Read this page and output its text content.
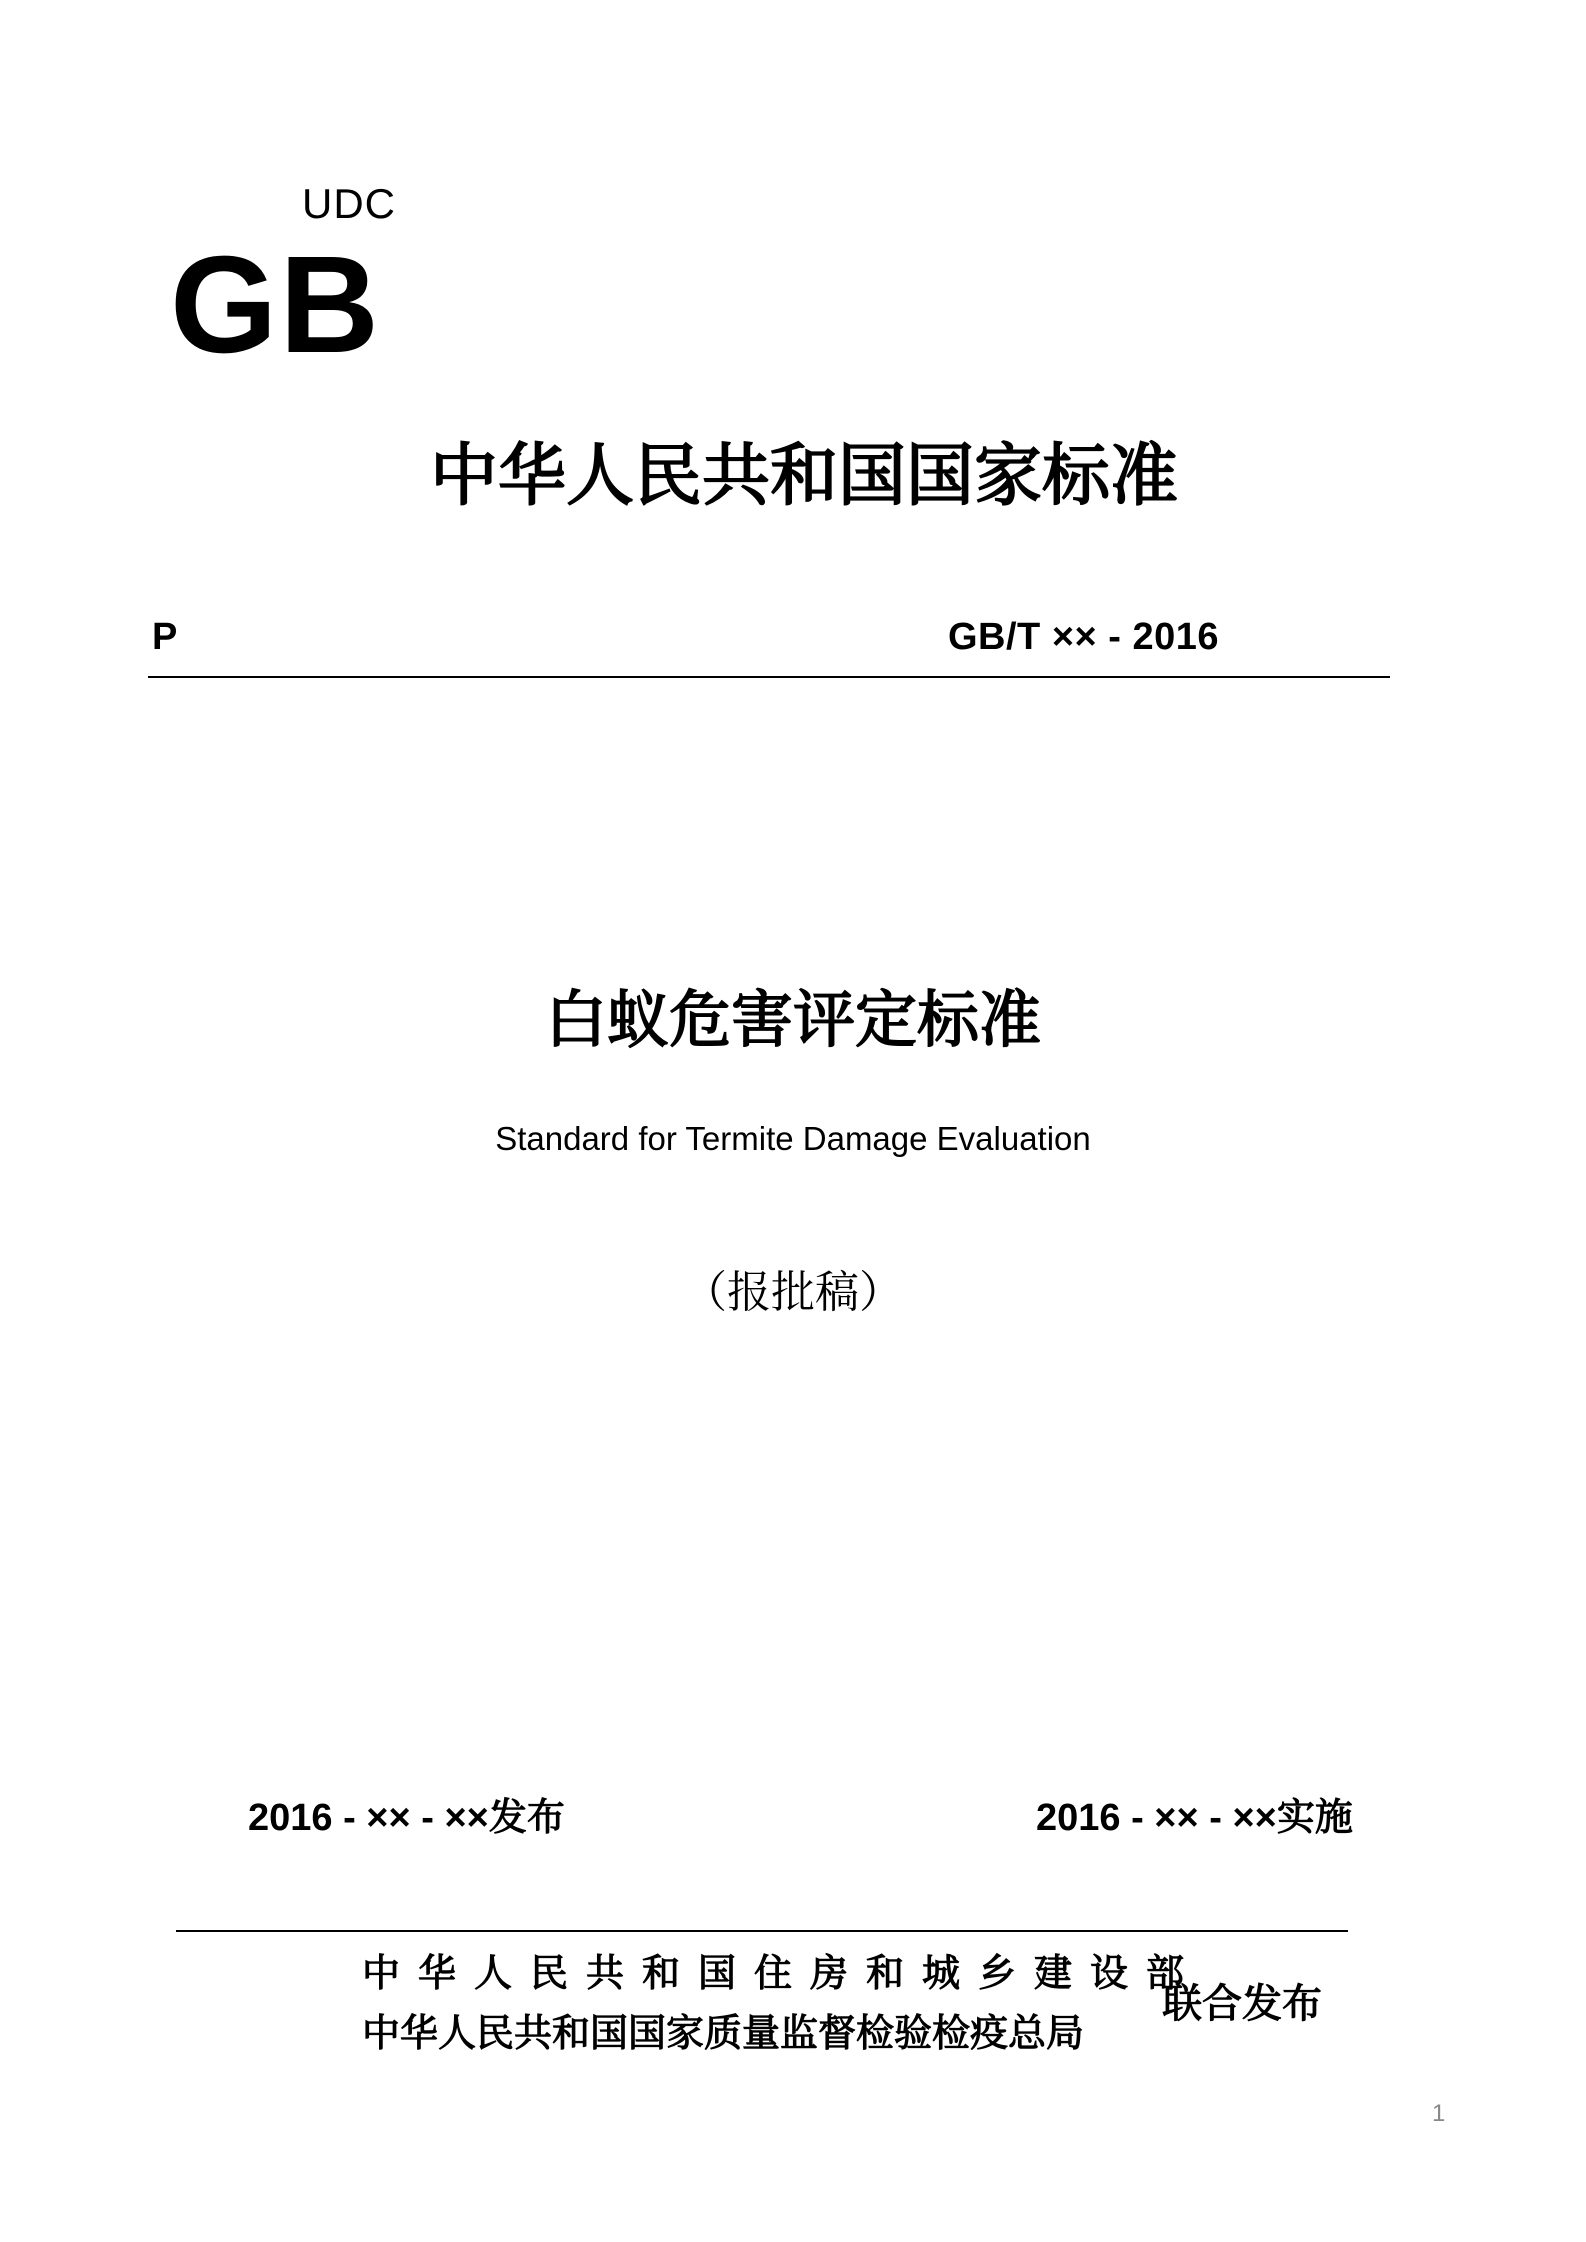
UDC
GB
中华人民共和国国家标准
P	GB/T ×× - 2016
白蚁危害评定标准
Standard for Termite Damage Evaluation
（报批稿）
2016 - ×× - ××发布	2016 - ×× - ××实施
中华人民共和国住房和城乡建设部
中华人民共和国国家质量监督检验检疫总局
联合发布
1
